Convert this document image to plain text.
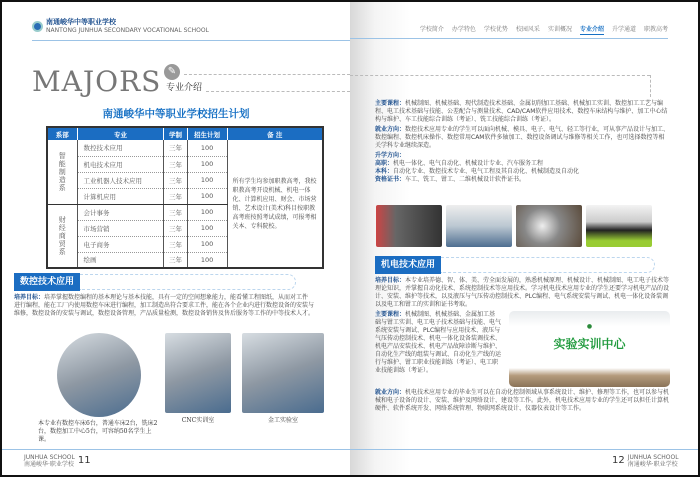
南通峻华中等职业学校
NANTONG JUNHUA SECONDARY VOCATIONAL SCHOOL
MAJORS ✎
专业介绍
南通峻华中等职业学校招生计划
系部	专业	学制	招生计划	备 注
智能制造系	数控技术应用	三年	100	所有学生均参加职教高考，我校职教高考开设机械、机电一体化、计算机应用、财会、市场营销、艺术设计(美术)科目按职教高考班按照考试成绩，可报考相关本、专科院校。
	机电技术应用	三年	100	
	工业机器人技术应用	三年	100	
	计算机应用	三年	100	
财经商贸系	会计事务	三年	100	
	市场营销	三年	100	
	电子商务	三年	100	
	绘画	三年	100	
数控技术应用
培养目标：培养掌握数控编程的基本理论与基本技能，具有一定的空间想象能力，能看懂工程图纸，从而对工件进行编程，能在工厂内使用数控车床进行编程，加工制造出符合要求工件，能在各个企业内进行数控设备的安装与维修，数控设备的安装与调试，数控设备管理，产品质量检测，数控设备销售及售后服务等工作的中等技术人才。
本专业有数控车床6台，普通车床2台，铣床2台，数控加工中心5台，可容纳50名学生上课。
CNC实训室	金工实验室
JUNHUA SCHOOL
南通峻华·职业学校 11
学校简介 办学特色 学校优势 校园风采 实训概况 专业介绍 升学通道 职教高考
主要课程：机械制图、机械基础、现代制造技术基础、金属切削加工基础、机械加工实训、数控加工工艺与编程、电工技术基础与技能、公差配合与测量技术、CAD/CAM软件应用技术、数控车床结构与维护、加工中心结构与维护、车工技能综合训练（考证）、铣工技能综合训练（考证）。
就业方向：数控技术应用专业的学生可以面向机械、模具、电子、电气、轻工等行业，可从事产品设计与加工、数控编程、数控机床操作、数控常用CAM软件多轴加工、数控设备调试与维修等相关工作，也可选择数控等相关学科专业继续深造。
升学方向：
高职：机电一体化、电气自动化、机械设计专业、汽车服务工程
本科：自动化专业、数控技术专业、电气工程及其自动化、机械制造及自动化
资格证书：车工、铣工、钳工、二维机械设计软件证书。
机电技术应用
培养目标：本专业培养德、智、体、美、劳全面发展的，熟悉机械原理、机械设计、机械制图、电工电子技术等理论知识，并掌握自动化技术、系统控制技术等应用技术。学习机电技术应用专业的学生还要学习机电产品的设计、安装、维护等技术，以及液压与气压传动控制技术、PLC编程、电气系统安装与调试、机电一体化设备装调以及电工和钳工的实训和证书考取。
主要课程：机械制图、机械基础、金属加工基础与钳工实训、电工电子技术基础与技能、电气系统安装与调试、PLC编程与应用技术、液压与气压传动控制技术、机电一体化设备装调技术、机电产品安装技术、机电产品故障诊断与维护、自动化生产线的组装与调试、自动化生产线的运行与维护、钳工职业技能训练（考证）、电工职业技能训练（考证）。
●
实验实训中心
就业方向：机电技术应用专业的毕业生可以在自动化控制领域从事系统设计、维护、修理等工作，也可以参与机械和电子设备的设计、安装、维护及网络设计、建设等工作。此外，机电技术应用专业的学生还可以担任计算机硬件、软件系统开发、网络系统管理、物联网系统设计、仪器仪表设计等工作。
12 JUNHUA SCHOOL
南通峻华·职业学校
